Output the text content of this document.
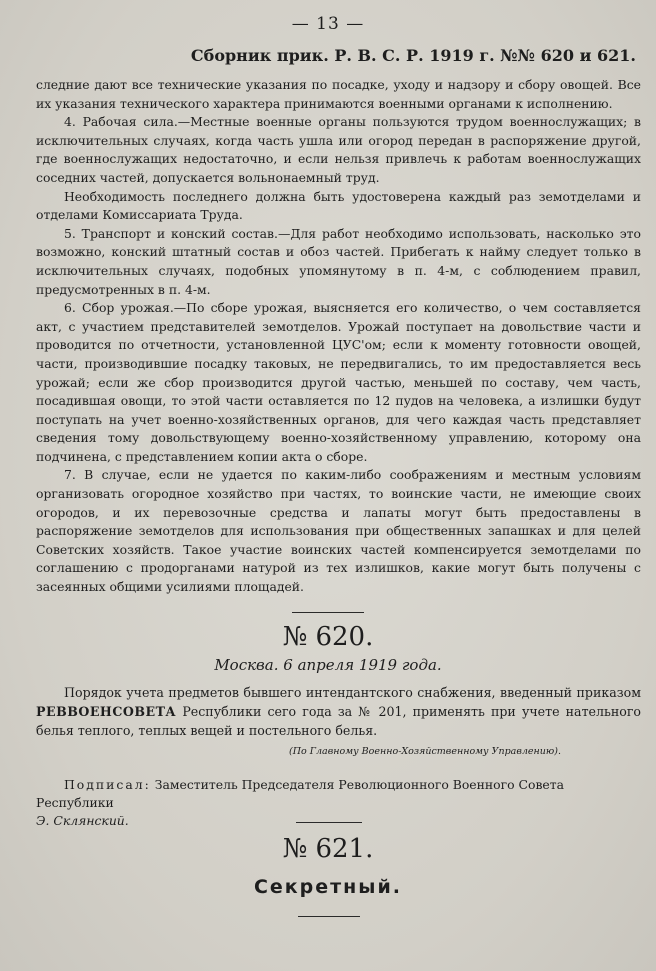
— 13 —
Сборник прик. Р. В. С. Р. 1919 г. №№ 620 и 621.

следние дают все технические указания по посадке, уходу и надзору и сбору овощей. Все их указания технического характера принимаются военными органами к исполнению.

4. Рабочая сила.—Местные военные органы пользуются трудом военнослужащих; в исключительных случаях, когда часть ушла или огород передан в распоряжение другой, где военнослужащих недостаточно, и если нельзя привлечь к работам военнослужащих соседних частей, допускается вольнонаемный труд.

Необходимость последнего должна быть удостоверена каждый раз земотделами и отделами Комиссариата Труда.

5. Транспорт и конский состав.—Для работ необходимо использовать, насколько это возможно, конский штатный состав и обоз частей. Прибегать к найму следует только в исключительных случаях, подобных упомянутому в п. 4-м, с соблюдением правил, предусмотренных в п. 4-м.

6. Сбор урожая.—По сборе урожая, выясняется его количество, о чем составляется акт, с участием представителей земотделов. Урожай поступает на довольствие части и проводится по отчетности, установленной ЦУС'ом; если к моменту готовности овощей, части, производившие посадку таковых, не передвигались, то им предоставляется весь урожай; если же сбор производится другой частью, меньшей по составу, чем часть, посадившая овощи, то этой части оставляется по 12 пудов на человека, а излишки будут поступать на учет военно-хозяйственных органов, для чего каждая часть представляет сведения тому довольствующему военно-хозяйственному управлению, которому она подчинена, с представлением копии акта о сборе.

7. В случае, если не удается по каким-либо соображениям и местным условиям организовать огородное хозяйство при частях, то воинские части, не имеющие своих огородов, и их перевозочные средства и лапаты могут быть предоставлены в распоряжение земотделов для использования при общественных запашках и для целей Советских хозяйств. Такое участие воинских частей компенсируется земотделами по соглашению с продорганами натурой из тех излишков, какие могут быть получены с засеянных общими усилиями площадей.

№ 620.
Москва. 6 апреля 1919 года.

Порядок учета предметов бывшего интендантского снабжения, введенный приказом РЕВВОЕНСОВЕТА Республики сего года за № 201, применять при учете нательного белья теплого, теплых вещей и постельного белья.

(По Главному Военно-Хозяйственному Управлению).
Подписал: Заместитель Председателя Революционного Военного Совета Республики
Э. Склянский.
№ 621.
Секретный.
